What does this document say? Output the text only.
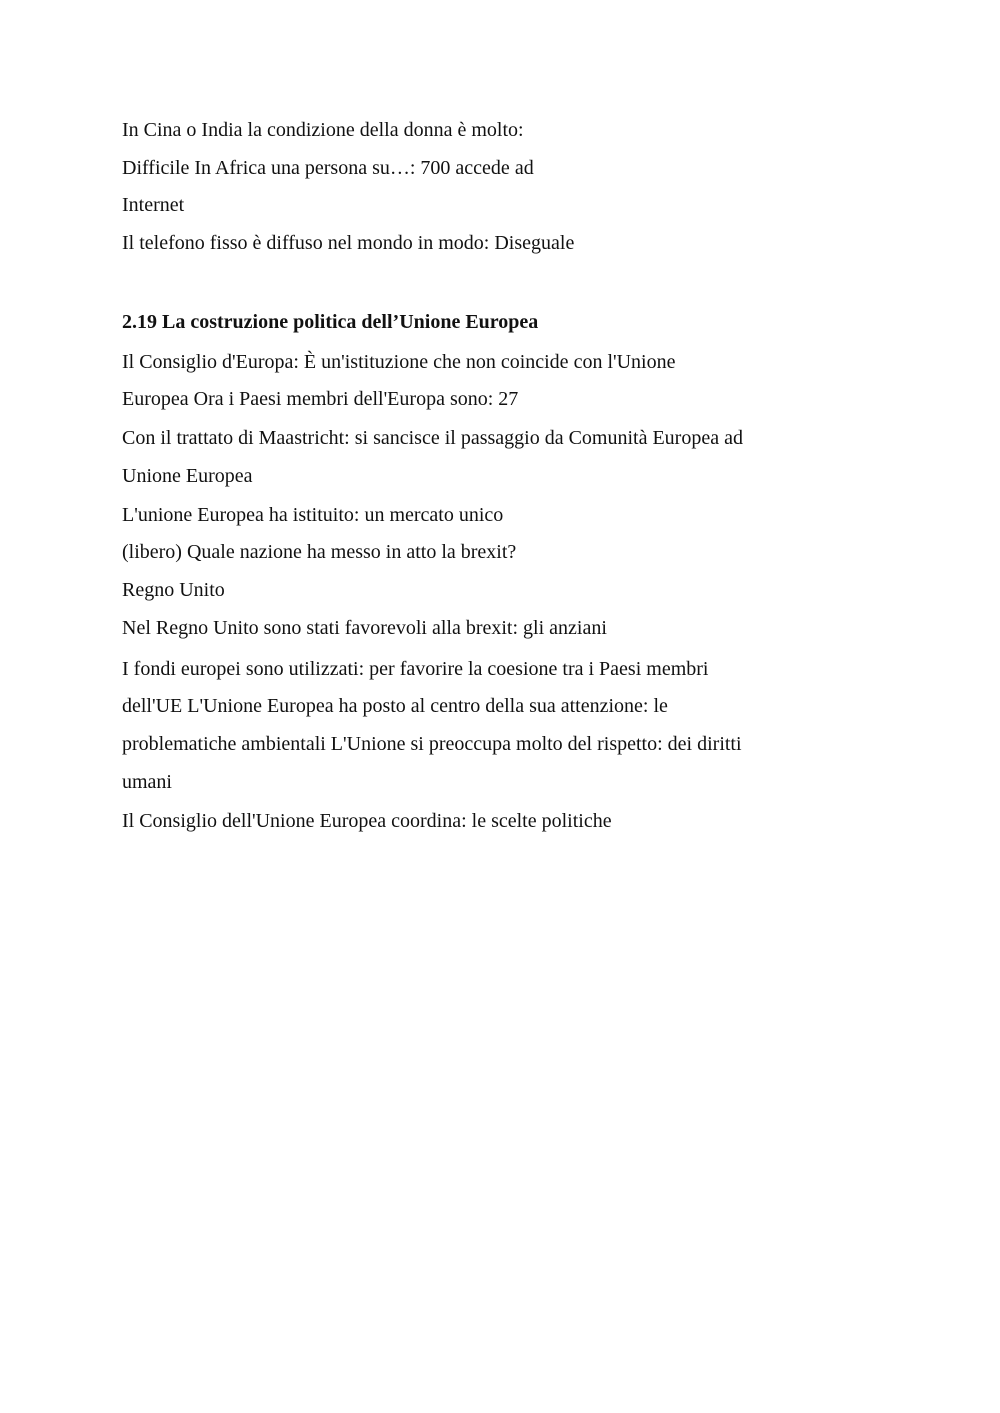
In Cina o India la condizione della donna è molto:
Difficile In Africa una persona su…: 700 accede ad
Internet
Il telefono fisso è diffuso nel mondo in modo: Diseguale
2.19 La costruzione politica dell’Unione Europea
Il Consiglio d'Europa: È un'istituzione che non coincide con l'Unione
Europea Ora i Paesi membri dell'Europa sono: 27
Con il trattato di Maastricht: si sancisce il passaggio da Comunità Europea ad
Unione Europea
L'unione Europea ha istituito: un mercato unico
(libero) Quale nazione ha messo in atto la brexit?
Regno Unito
Nel Regno Unito sono stati favorevoli alla brexit: gli anziani
I fondi europei sono utilizzati: per favorire la coesione tra i Paesi membri
dell'UE L'Unione Europea ha posto al centro della sua attenzione: le
problematiche ambientali L'Unione si preoccupa molto del rispetto: dei diritti
umani
Il Consiglio dell'Unione Europea coordina: le scelte politiche
